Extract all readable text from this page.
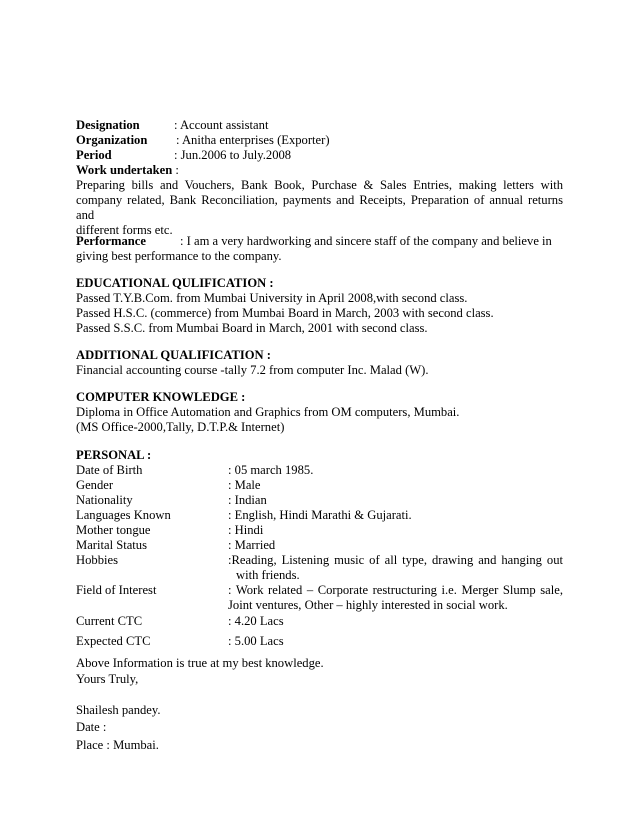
Designation	: Account assistant
Organization : Anitha enterprises (Exporter)
Period	: Jun.2006 to July.2008
Work undertaken :
Preparing bills and Vouchers, Bank Book, Purchase & Sales Entries, making letters with
company related, Bank Reconciliation, payments and Receipts, Preparation of annual returns and
different forms etc.
Performance	: I am a very hardworking and sincere staff of the company and believe in
giving best performance to the company.
EDUCATIONAL QULIFICATION :
Passed T.Y.B.Com. from Mumbai University in April 2008,with second class.
Passed H.S.C. (commerce) from Mumbai Board in March, 2003 with second class.
Passed S.S.C. from Mumbai Board in March, 2001 with second class.
ADDITIONAL QUALIFICATION :
Financial accounting course -tally 7.2 from computer Inc. Malad (W).
COMPUTER KNOWLEDGE :
Diploma in Office Automation and Graphics from OM computers, Mumbai.
(MS Office-2000,Tally, D.T.P.& Internet)
PERSONAL :
Date of Birth	: 05 march 1985.
Gender	: Male
Nationality	: Indian
Languages Known	: English, Hindi Marathi & Gujarati.
Mother tongue	: Hindi
Marital Status	: Married
Hobbies	:Reading, Listening music of all type, drawing and hanging out
with friends.
Field of Interest	: Work related – Corporate restructuring i.e. Merger Slump sale,
Joint ventures, Other – highly interested in social work.
Current CTC	: 4.20 Lacs
Expected CTC	: 5.00 Lacs
Above Information is true at my best knowledge.
Yours Truly,
Shailesh pandey.
Date :
Place : Mumbai.
